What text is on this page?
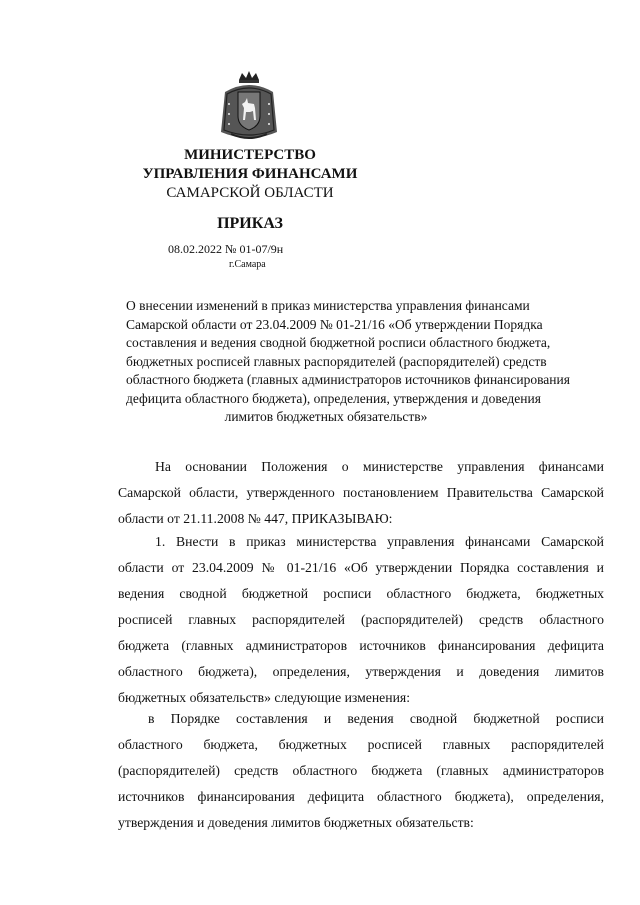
МИНИСТЕРСТВО
УПРАВЛЕНИЯ ФИНАНСАМИ
САМАРСКОЙ ОБЛАСТИ
ПРИКАЗ
08.02.2022 № 01-07/9н
г.Самара
О внесении изменений в приказ министерства управления финансами
Самарской области от 23.04.2009 № 01-21/16 «Об утверждении Порядка
составления и ведения сводной бюджетной росписи областного бюджета,
бюджетных росписей главных распорядителей (распорядителей) средств
областного бюджета (главных администраторов источников финансирования
дефицита областного бюджета), определения, утверждения и доведения
лимитов бюджетных обязательств»
На основании Положения о министерстве управления финансами
Самарской области, утвержденного постановлением Правительства Самарской
области от 21.11.2008 № 447, ПРИКАЗЫВАЮ:
1. Внести в приказ министерства управления финансами Самарской
области от 23.04.2009 № 01-21/16 «Об утверждении Порядка составления и
ведения сводной бюджетной росписи областного бюджета, бюджетных
росписей главных распорядителей (распорядителей) средств областного
бюджета (главных администраторов источников финансирования дефицита
областного бюджета), определения, утверждения и доведения лимитов
бюджетных обязательств» следующие изменения:
в Порядке составления и ведения сводной бюджетной росписи
областного бюджета, бюджетных росписей главных распорядителей
(распорядителей) средств областного бюджета (главных администраторов
источников финансирования дефицита областного бюджета), определения,
утверждения и доведения лимитов бюджетных обязательств:
